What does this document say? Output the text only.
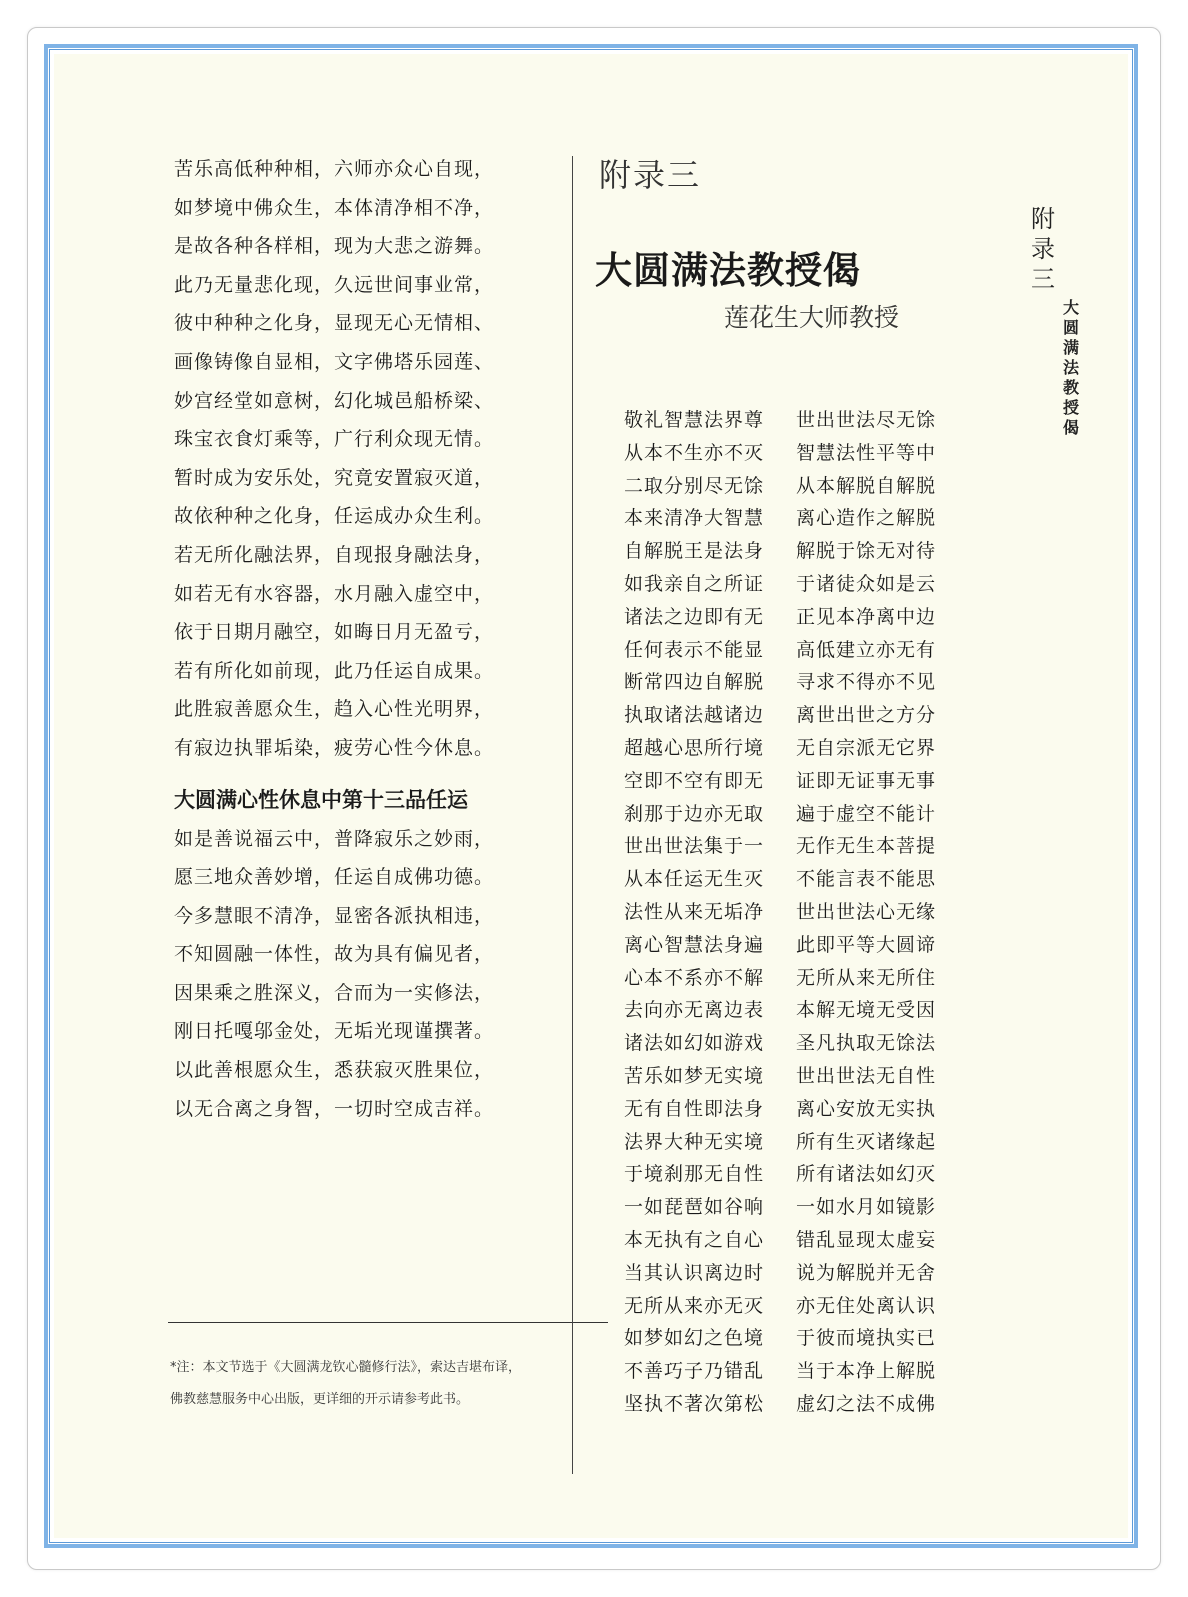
苦乐高低种种相，六师亦众心自现，
如梦境中佛众生，本体清净相不净，
是故各种各样相，现为大悲之游舞。
此乃无量悲化现，久远世间事业常，
彼中种种之化身，显现无心无情相、
画像铸像自显相，文字佛塔乐园莲、
妙宫经堂如意树，幻化城邑船桥梁、
珠宝衣食灯乘等，广行利众现无情。
暂时成为安乐处，究竟安置寂灭道，
故依种种之化身，任运成办众生利。
若无所化融法界，自现报身融法身，
如若无有水容器，水月融入虚空中，
依于日期月融空，如晦日月无盈亏，
若有所化如前现，此乃任运自成果。
此胜寂善愿众生，趋入心性光明界，
有寂边执罪垢染，疲劳心性今休息。
大圆满心性休息中第十三品任运
如是善说福云中，普降寂乐之妙雨，
愿三地众善妙增，任运自成佛功德。
今多慧眼不清净，显密各派执相违，
不知圆融一体性，故为具有偏见者，
因果乘之胜深义，合而为一实修法，
刚日托嘎邬金处，无垢光现谨撰著。
以此善根愿众生，悉获寂灭胜果位，
以无合离之身智，一切时空成吉祥。
*注：本文节选于《大圆满龙钦心髓修行法》，索达吉堪布译，
佛教慈慧服务中心出版，更详细的开示请参考此书。
附录三
大圆满法教授偈
莲花生大师教授
敬礼智慧法界尊
从本不生亦不灭
二取分别尽无馀
本来清净大智慧
自解脱王是法身
如我亲自之所证
诸法之边即有无
任何表示不能显
断常四边自解脱
执取诸法越诸边
超越心思所行境
空即不空有即无
刹那于边亦无取
世出世法集于一
从本任运无生灭
法性从来无垢净
离心智慧法身遍
心本不系亦不解
去向亦无离边表
诸法如幻如游戏
苦乐如梦无实境
无有自性即法身
法界大种无实境
于境刹那无自性
一如琵琶如谷响
本无执有之自心
当其认识离边时
无所从来亦无灭
如梦如幻之色境
不善巧子乃错乱
坚执不著次第松
世出世法尽无馀
智慧法性平等中
从本解脱自解脱
离心造作之解脱
解脱于馀无对待
于诸徒众如是云
正见本净离中边
高低建立亦无有
寻求不得亦不见
离世出世之方分
无自宗派无它界
证即无证事无事
遍于虚空不能计
无作无生本菩提
不能言表不能思
世出世法心无缘
此即平等大圆谛
无所从来无所住
本解无境无受因
圣凡执取无馀法
世出世法无自性
离心安放无实执
所有生灭诸缘起
所有诸法如幻灭
一如水月如镜影
错乱显现太虚妄
说为解脱并无舍
亦无住处离认识
于彼而境执实已
当于本净上解脱
虚幻之法不成佛
附
录
三
大
圆
满
法
教
授
偈
